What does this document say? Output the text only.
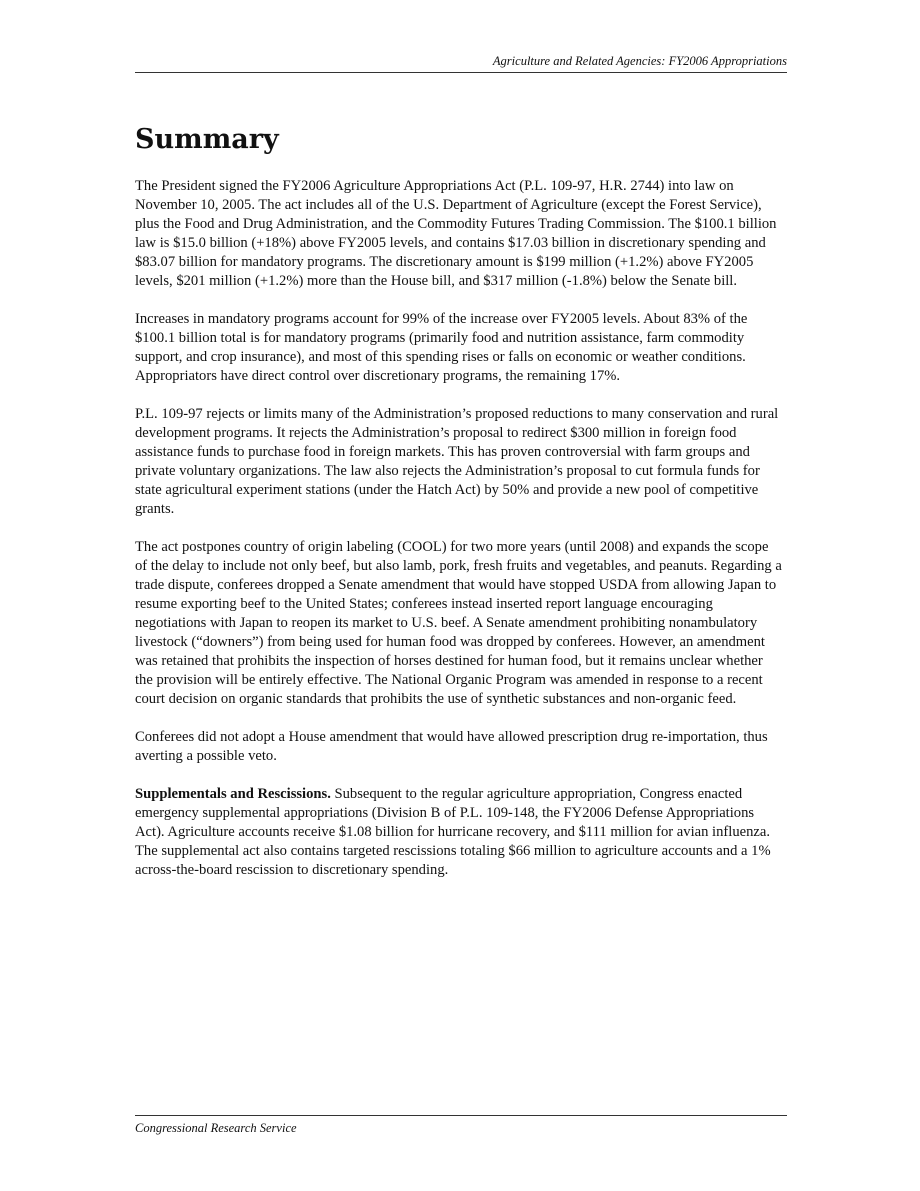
Agriculture and Related Agencies: FY2006 Appropriations
Summary

The President signed the FY2006 Agriculture Appropriations Act (P.L. 109-97, H.R. 2744) into law on November 10, 2005. The act includes all of the U.S. Department of Agriculture (except the Forest Service), plus the Food and Drug Administration, and the Commodity Futures Trading Commission. The $100.1 billion law is $15.0 billion (+18%) above FY2005 levels, and contains $17.03 billion in discretionary spending and $83.07 billion for mandatory programs. The discretionary amount is $199 million (+1.2%) above FY2005 levels, $201 million (+1.2%) more than the House bill, and $317 million (-1.8%) below the Senate bill.

Increases in mandatory programs account for 99% of the increase over FY2005 levels. About 83% of the $100.1 billion total is for mandatory programs (primarily food and nutrition assistance, farm commodity support, and crop insurance), and most of this spending rises or falls on economic or weather conditions. Appropriators have direct control over discretionary programs, the remaining 17%.

P.L. 109-97 rejects or limits many of the Administration’s proposed reductions to many conservation and rural development programs. It rejects the Administration’s proposal to redirect $300 million in foreign food assistance funds to purchase food in foreign markets. This has proven controversial with farm groups and private voluntary organizations. The law also rejects the Administration’s proposal to cut formula funds for state agricultural experiment stations (under the Hatch Act) by 50% and provide a new pool of competitive grants.

The act postpones country of origin labeling (COOL) for two more years (until 2008) and expands the scope of the delay to include not only beef, but also lamb, pork, fresh fruits and vegetables, and peanuts. Regarding a trade dispute, conferees dropped a Senate amendment that would have stopped USDA from allowing Japan to resume exporting beef to the United States; conferees instead inserted report language encouraging negotiations with Japan to reopen its market to U.S. beef. A Senate amendment prohibiting nonambulatory livestock (“downers”) from being used for human food was dropped by conferees. However, an amendment was retained that prohibits the inspection of horses destined for human food, but it remains unclear whether the provision will be entirely effective. The National Organic Program was amended in response to a recent court decision on organic standards that prohibits the use of synthetic substances and non-organic feed.

Conferees did not adopt a House amendment that would have allowed prescription drug re-importation, thus averting a possible veto.

Supplementals and Rescissions. Subsequent to the regular agriculture appropriation, Congress enacted emergency supplemental appropriations (Division B of P.L. 109-148, the FY2006 Defense Appropriations Act). Agriculture accounts receive $1.08 billion for hurricane recovery, and $111 million for avian influenza. The supplemental act also contains targeted rescissions totaling $66 million to agriculture accounts and a 1% across-the-board rescission to discretionary spending.

Congressional Research Service
